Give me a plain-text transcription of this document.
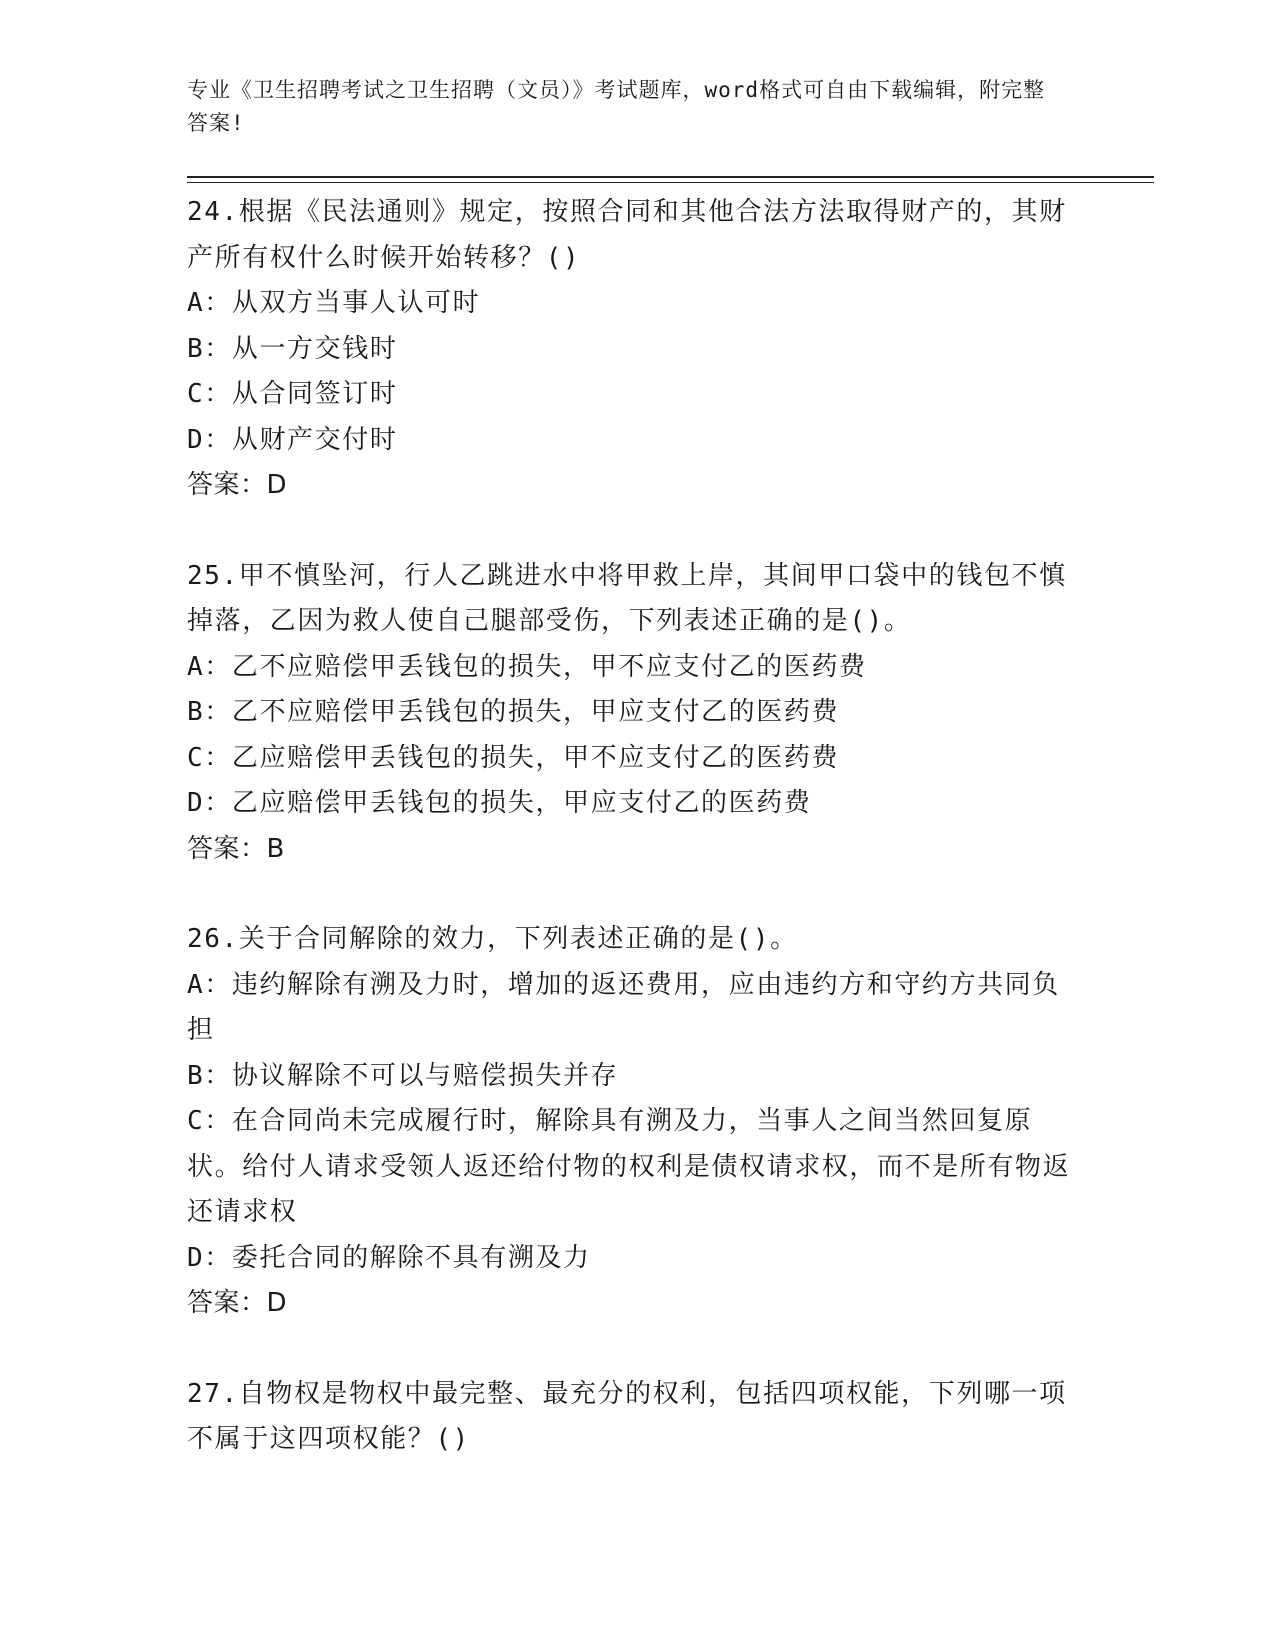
专业《卫生招聘考试之卫生招聘（文员）》考试题库，word格式可自由下载编辑，附完整答案!

24.根据《民法通则》规定，按照合同和其他合法方法取得财产的，其财产所有权什么时候开始转移？()

A：从双方当事人认可时

B：从一方交钱时

C：从合同签订时

D：从财产交付时

答案：D

25.甲不慎坠河，行人乙跳进水中将甲救上岸，其间甲口袋中的钱包不慎掉落，乙因为救人使自己腿部受伤，下列表述正确的是()。

A：乙不应赔偿甲丢钱包的损失，甲不应支付乙的医药费

B：乙不应赔偿甲丢钱包的损失，甲应支付乙的医药费

C：乙应赔偿甲丢钱包的损失，甲不应支付乙的医药费

D：乙应赔偿甲丢钱包的损失，甲应支付乙的医药费

答案：B

26.关于合同解除的效力，下列表述正确的是()。

A：违约解除有溯及力时，增加的返还费用，应由违约方和守约方共同负担

B：协议解除不可以与赔偿损失并存

C：在合同尚未完成履行时，解除具有溯及力，当事人之间当然回复原状。给付人请求受领人返还给付物的权利是债权请求权，而不是所有物返还请求权

D：委托合同的解除不具有溯及力

答案：D

27.自物权是物权中最完整、最充分的权利，包括四项权能，下列哪一项不属于这四项权能？()
